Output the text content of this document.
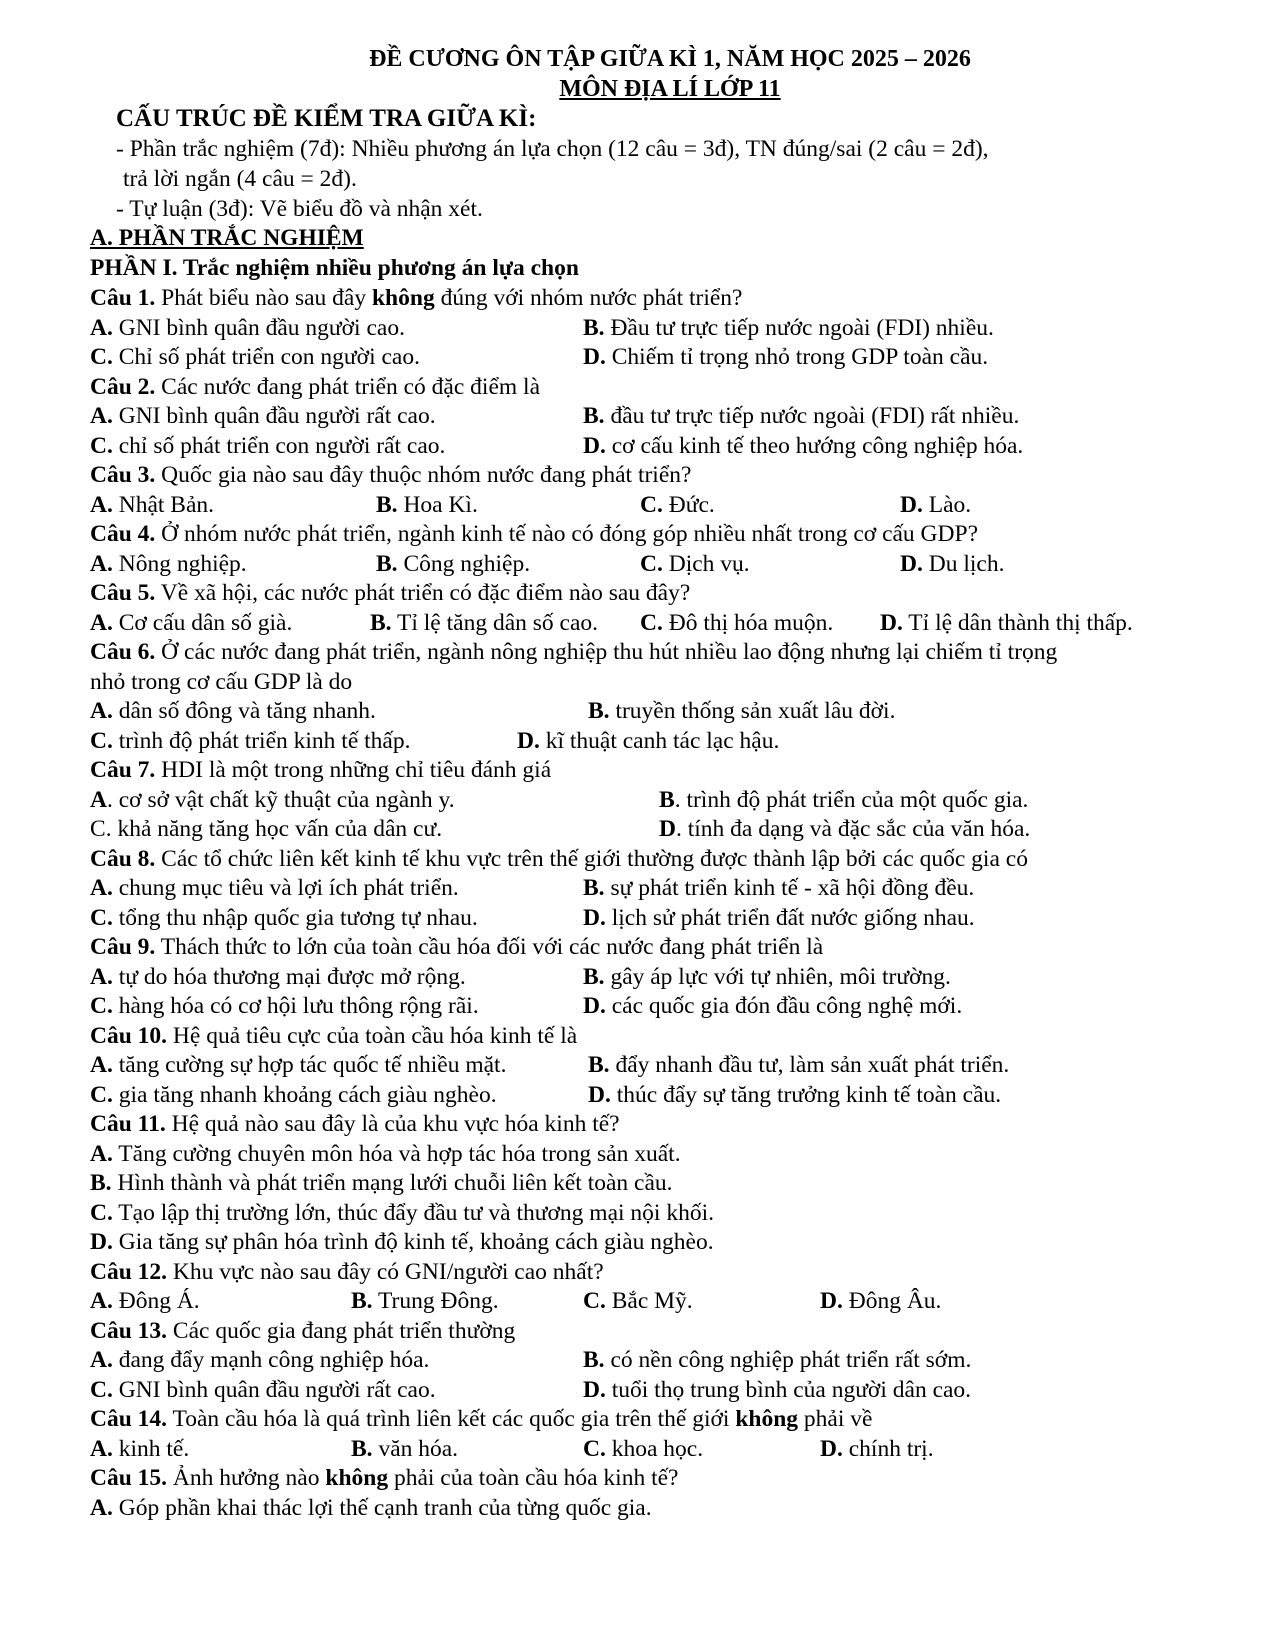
ĐỀ CƯƠNG ÔN TẬP GIỮA KÌ 1, NĂM HỌC 2025 – 2026
MÔN ĐỊA LÍ LỚP 11
CẤU TRÚC ĐỀ KIỂM TRA GIỮA KÌ:
- Phần trắc nghiệm (7đ): Nhiều phương án lựa chọn (12 câu = 3đ), TN đúng/sai (2 câu = 2đ),
trả lời ngắn (4 câu = 2đ).
- Tự luận (3đ): Vẽ biểu đồ và nhận xét.
A. PHẦN TRẮC NGHIỆM
PHẦN I. Trắc nghiệm nhiều phương án lựa chọn
Câu 1. Phát biểu nào sau đây không đúng với nhóm nước phát triển?
A. GNI bình quân đầu người cao.	B. Đầu tư trực tiếp nước ngoài (FDI) nhiều.
C. Chỉ số phát triển con người cao.	D. Chiếm tỉ trọng nhỏ trong GDP toàn cầu.
Câu 2. Các nước đang phát triển có đặc điểm là
A. GNI bình quân đầu người rất cao.	B. đầu tư trực tiếp nước ngoài (FDI) rất nhiều.
C. chỉ số phát triển con người rất cao.	D. cơ cấu kinh tế theo hướng công nghiệp hóa.
Câu 3. Quốc gia nào sau đây thuộc nhóm nước đang phát triển?
A. Nhật Bản.	B. Hoa Kì.	C. Đức.	D. Lào.
Câu 4. Ở nhóm nước phát triển, ngành kinh tế nào có đóng góp nhiều nhất trong cơ cấu GDP?
A. Nông nghiệp.	B. Công nghiệp.	C. Dịch vụ.	D. Du lịch.
Câu 5. Về xã hội, các nước phát triển có đặc điểm nào sau đây?
A. Cơ cấu dân số già.	B. Tỉ lệ tăng dân số cao. C. Đô thị hóa muộn. D. Tỉ lệ dân thành thị thấp.
Câu 6. Ở các nước đang phát triển, ngành nông nghiệp thu hút nhiều lao động nhưng lại chiếm tỉ trọng
nhỏ trong cơ cấu GDP là do
A. dân số đông và tăng nhanh.	B. truyền thống sản xuất lâu đời.
C. trình độ phát triển kinh tế thấp.	D. kĩ thuật canh tác lạc hậu.
Câu 7. HDI là một trong những chỉ tiêu đánh giá
A. cơ sở vật chất kỹ thuật của ngành y.	B. trình độ phát triển của một quốc gia.
C. khả năng tăng học vấn của dân cư.	D. tính đa dạng và đặc sắc của văn hóa.
Câu 8. Các tổ chức liên kết kinh tế khu vực trên thế giới thường được thành lập bởi các quốc gia có
A. chung mục tiêu và lợi ích phát triển.	B. sự phát triển kinh tế - xã hội đồng đều.
C. tổng thu nhập quốc gia tương tự nhau.	D. lịch sử phát triển đất nước giống nhau.
Câu 9. Thách thức to lớn của toàn cầu hóa đối với các nước đang phát triển là
A. tự do hóa thương mại được mở rộng.	B. gây áp lực với tự nhiên, môi trường.
C. hàng hóa có cơ hội lưu thông rộng rãi.	D. các quốc gia đón đầu công nghệ mới.
Câu 10. Hệ quả tiêu cực của toàn cầu hóa kinh tế là
A. tăng cường sự hợp tác quốc tế nhiều mặt.	B. đẩy nhanh đầu tư, làm sản xuất phát triển.
C. gia tăng nhanh khoảng cách giàu nghèo.	D. thúc đẩy sự tăng trưởng kinh tế toàn cầu.
Câu 11. Hệ quả nào sau đây là của khu vực hóa kinh tế?
A. Tăng cường chuyên môn hóa và hợp tác hóa trong sản xuất.
B. Hình thành và phát triển mạng lưới chuỗi liên kết toàn cầu.
C. Tạo lập thị trường lớn, thúc đẩy đầu tư và thương mại nội khối.
D. Gia tăng sự phân hóa trình độ kinh tế, khoảng cách giàu nghèo.
Câu 12. Khu vực nào sau đây có GNI/người cao nhất?
A. Đông Á.	B. Trung Đông.	C. Bắc Mỹ.	D. Đông Âu.
Câu 13. Các quốc gia đang phát triển thường
A. đang đẩy mạnh công nghiệp hóa.	B. có nền công nghiệp phát triển rất sớm.
C. GNI bình quân đầu người rất cao.	D. tuổi thọ trung bình của người dân cao.
Câu 14. Toàn cầu hóa là quá trình liên kết các quốc gia trên thế giới không phải về
A. kinh tế.	B. văn hóa.	C. khoa học.	D. chính trị.
Câu 15. Ảnh hưởng nào không phải của toàn cầu hóa kinh tế?
A. Góp phần khai thác lợi thế cạnh tranh của từng quốc gia.
